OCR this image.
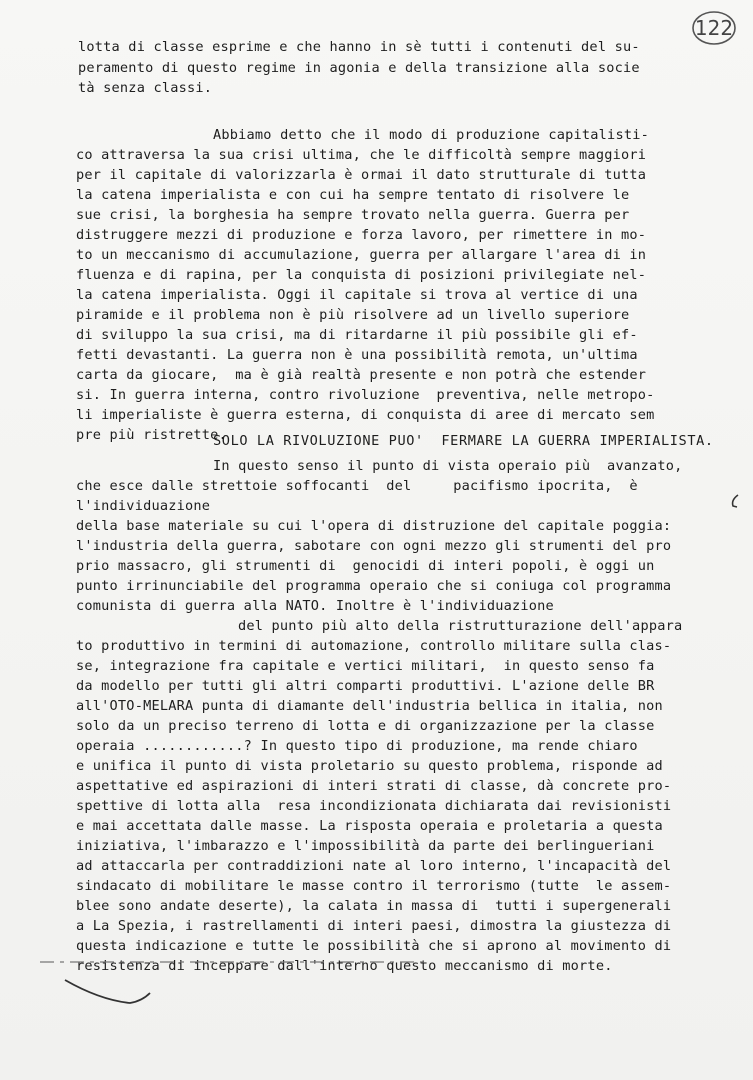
122
lotta di classe esprime e che hanno in sè tutti i contenuti del su-
peramento di questo regime in agonia e della transizione alla socie
tà senza classi.
Abbiamo detto che il modo di produzione capitalisti-
co attraversa la sua crisi ultima, che le difficoltà sempre maggiori
per il capitale di valorizzarla è ormai il dato strutturale di tutta
la catena imperialista e con cui ha sempre tentato di risolvere le
sue crisi, la borghesia ha sempre trovato nella guerra. Guerra per
distruggere mezzi di produzione e forza lavoro, per rimettere in mo-
to un meccanismo di accumulazione, guerra per allargare l'area di in
fluenza e di rapina, per la conquista di posizioni privilegiate nel-
la catena imperialista. Oggi il capitale si trova al vertice di una
piramide e il problema non è più risolvere ad un livello superiore
di sviluppo la sua crisi, ma di ritardarne il più possibile gli ef-
fetti devastanti. La guerra non è una possibilità remota, un'ultima
carta da giocare,  ma è già realtà presente e non potrà che estender
si. In guerra interna, contro rivoluzione  preventiva, nelle metropo-
li imperialiste è guerra esterna, di conquista di aree di mercato sem
pre più ristrette.
SOLO LA RIVOLUZIONE PUO'  FERMARE LA GUERRA IMPERIALISTA.
In questo senso il punto di vista operaio più  avanzato,
che esce dalle strettoie soffocanti  del     pacifismo ipocrita,  è
l'individuazione
della base materiale su cui l'opera di distruzione del capitale poggia:
l'industria della guerra, sabotare con ogni mezzo gli strumenti del pro
prio massacro, gli strumenti di  genocidi di interi popoli, è oggi un
punto irrinunciabile del programma operaio che si coniuga col programma
comunista di guerra alla NATO. Inoltre è l'individuazione
del punto più alto della ristrutturazione dell'appara
to produttivo in termini di automazione, controllo militare sulla clas-
se, integrazione fra capitale e vertici militari,  in questo senso fa
da modello per tutti gli altri comparti produttivi. L'azione delle BR
all'OTO-MELARA punta di diamante dell'industria bellica in italia, non
solo da un preciso terreno di lotta e di organizzazione per la classe
operaia ............? In questo tipo di produzione, ma rende chiaro
e unifica il punto di vista proletario su questo problema, risponde ad
aspettative ed aspirazioni di interi strati di classe, dà concrete pro-
spettive di lotta alla  resa incondizionata dichiarata dai revisionisti
e mai accettata dalle masse. La risposta operaia e proletaria a questa
iniziativa, l'imbarazzo e l'impossibilità da parte dei berlingueriani
ad attaccarla per contraddizioni nate al loro interno, l'incapacità del
sindacato di mobilitare le masse contro il terrorismo (tutte  le assem-
blee sono andate deserte), la calata in massa di  tutti i supergenerali
a La Spezia, i rastrellamenti di interi paesi, dimostra la giustezza di
questa indicazione e tutte le possibilità che si aprono al movimento di
resistenza di inceppare dall'interno questo meccanismo di morte.
